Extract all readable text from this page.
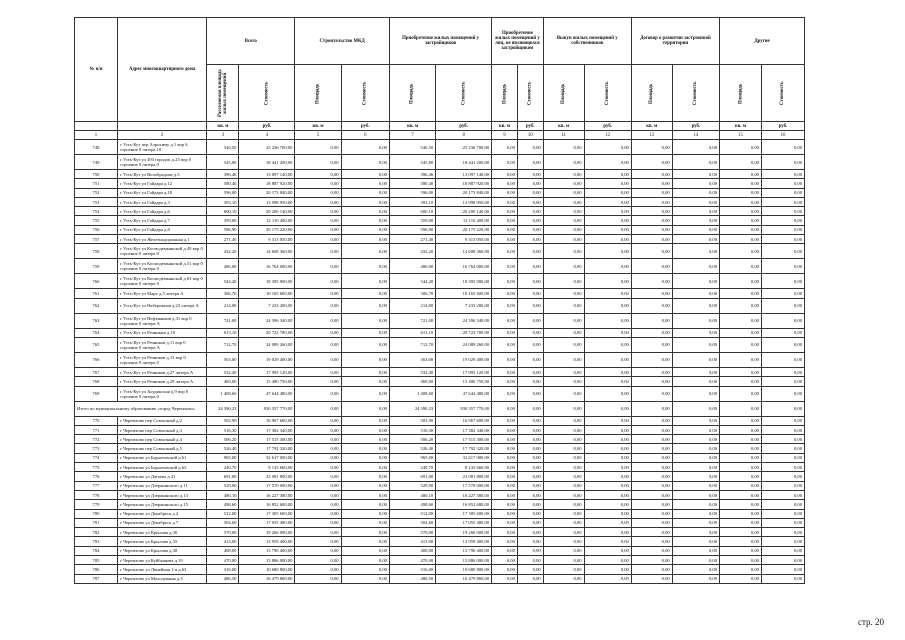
№ п/п	Адрес многоквартирного дома	Всего		Строительство МКД		Приобретение жилых помещений у застройщиков		Приобретение жилых помещений у лиц, не являющихся застройщиком		Выкуп жилых помещений у собственников		Договор о развитии застроенной территории		Другие	
		Расселяемая площадь жилых помещений	Стоимость	Площадь	Стоимость	Площадь	Стоимость	Площадь	Стоимость	Площадь	Стоимость	Площадь	Стоимость	Площадь	Стоимость
		кв. м	руб.	кв. м	руб.	кв. м	руб.	кв. м	руб.	кв. м	руб.	кв. м	руб.	кв. м	руб.
1	2	3	4	5	6	7	8	9	10	11	12	13	14	15	16
748	г Усть-Кут пер Аэрохиму д.1 вор 6 строение 0 литера 10	546,50	25 236 700,00	0,00	0,00	546,50	25 236 700,00	0,00	0,00	0,00	0,00	0,00	0,00	0,00	0,00
749	г Усть-Кут ул 493 городок д.25 вор 0 строение 0 литера 0	545,80	18 441 200,00	0,00	0,00	545,80	18 441 200,00	0,00	0,00	0,00	0,00	0,00	0,00	0,00	0,00
750	г Усть-Кут ул Волобродова д.5	396,46	13 097 140,00	0,00	0,00	396,46	13 097 140,00	0,00	0,00	0,00	0,00	0,00	0,00	0,00	0,00
751	г Усть-Кут ул Гайдара д.12	580,40	18 887 920,00	0,00	0,00	580,40	18 887 920,00	0,00	0,00	0,00	0,00	0,00	0,00	0,00	0,00
752	г Усть-Кут ул Гайдара д.18	596,00	20 173 840,00	0,00	0,00	596,00	20 173 840,00	0,00	0,00	0,00	0,00	0,00	0,00	0,00	0,00
753	г Усть-Кут ул Гайдара д.3	393,10	13 998 950,00	0,00	0,00	393,10	13 998 950,00	0,00	0,00	0,00	0,00	0,00	0,00	0,00	0,00
754	г Усть-Кут ул Гайдара д.6	600,10	20 200 140,00	0,00	0,00	600,10	20 200 140,00	0,00	0,00	0,00	0,00	0,00	0,00	0,00	0,00
755	г Усть-Кут ул Гайдара д.7	359,00	12 110 400,00	0,00	0,00	359,00	12 110 400,00	0,00	0,00	0,00	0,00	0,00	0,00	0,00	0,00
756	г Усть-Кут ул Гайдара д.8	596,90	20 175 220,00	0,00	0,00	596,90	20 175 220,00	0,00	0,00	0,00	0,00	0,00	0,00	0,00	0,00
757	г Усть-Кут ул Железнодорожная д.1	271,40	9 313 050,00	0,00	0,00	271,40	9 313 050,00	0,00	0,00	0,00	0,00	0,00	0,00	0,00	0,00
758	г Усть-Кут ул Космодемьянской д.49 вор 0 строение 0 литера 0	432,20	14 608 360,00	0,00	0,00	432,20	14 608 360,00	0,00	0,00	0,00	0,00	0,00	0,00	0,00	0,00
759	г Усть-Кут ул Космодемьянской д.51 вор 0 строение 0 литера 0	486,00	16 764 000,00	0,00	0,00	486,00	16 764 000,00	0,00	0,00	0,00	0,00	0,00	0,00	0,00	0,00
760	г Усть-Кут ул Космодемьянской д.63 вор 0 строение 0 литера 0	544,20	18 395 900,00	0,00	0,00	544,20	18 395 900,00	0,00	0,00	0,00	0,00	0,00	0,00	0,00	0,00
761	г Усть-Кут ул Марх д.5 литера А	306,70	10 165 600,00	0,00	0,00	306,70	10 165 600,00	0,00	0,00	0,00	0,00	0,00	0,00	0,00	0,00
762	г Усть-Кут ул Набережная д.23 литера А	214,00	7 233 200,00	0,00	0,00	214,00	7 233 200,00	0,00	0,00	0,00	0,00	0,00	0,00	0,00	0,00
763	г Усть-Кут ул Нефтяников д.31 вор 0 строение 0 литера А	721,00	24 396 340,00	0,00	0,00	721,00	24 396 340,00	0,00	0,00	0,00	0,00	0,00	0,00	0,00	0,00
764	г Усть-Кут ул Речникин д.10	613,10	20 722 780,00	0,00	0,00	613,10	20 722 780,00	0,00	0,00	0,00	0,00	0,00	0,00	0,00	0,00
765	г Усть-Кут ул Речников д.11 вор 0 строение 0 литера А	712,70	24 089 260,00	0,00	0,00	712,70	24 089 260,00	0,00	0,00	0,00	0,00	0,00	0,00	0,00	0,00
766	г Усть-Кут ул Речников д.13 вор 0 строение 0 литера 0	563,00	19 029 400,00	0,00	0,00	563,00	19 029 400,00	0,00	0,00	0,00	0,00	0,00	0,00	0,00	0,00
767	г Усть-Кут ул Речников д.27 литера А	532,40	17 995 120,00	0,00	0,00	532,40	17 995 120,00	0,00	0,00	0,00	0,00	0,00	0,00	0,00	0,00
768	г Усть-Кут ул Речников д.29 литера А	469,00	15 480 750,00	0,00	0,00	469,00	15 480 750,00	0,00	0,00	0,00	0,00	0,00	0,00	0,00	0,00
769	г Усть-Кут ул Хоудинская д.9 вор 0 строение 0 литера 0	1 408,60	47 644 480,00	0,00	0,00	1 408,60	47 644 480,00	0,00	0,00	0,00	0,00	0,00	0,00	0,00	0,00
Итого по муниципальному образованию «город Черемхово»		24 390,23	830 357 770,00	0,00	0,00	24 390,23	830 357 770,00	0,00	0,00	0,00	0,00	0,00	0,00	0,00	0,00
770	г Черемхово пер Совхозный д.2	502,90	16 967 600,00	0,00	0,00	502,90	16 967 600,00	0,00	0,00	0,00	0,00	0,00	0,00	0,00	0,00
771	г Черемхово пер Совхозный д.3	516,30	17 382 340,00	0,00	0,00	516,30	17 382 340,00	0,00	0,00	0,00	0,00	0,00	0,00	0,00	0,00
772	г Черемхово пер Совхозный д.4	506,20	17 515 300,00	0,00	0,00	506,20	17 515 300,00	0,00	0,00	0,00	0,00	0,00	0,00	0,00	0,00
773	г Черемхово пер Совхозный д.5	526,40	17 792 320,00	0,00	0,00	526,40	17 792 320,00	0,00	0,00	0,00	0,00	0,00	0,00	0,00	0,00
774	г Черемхово ул Бархатовской д.61	965,00	32 617 000,00	0,00	0,00	965,00	32 617 000,00	0,00	0,00	0,00	0,00	0,00	0,00	0,00	0,00
775	г Черемхово ул Бархатовской д.65	240,70	8 135 660,00	0,00	0,00	240,70	8 135 660,00	0,00	0,00	0,00	0,00	0,00	0,00	0,00	0,00
776	г Черемхово ул Дагаева д.41	691,00	23 081 800,00	0,00	0,00	691,00	23 081 800,00	0,00	0,00	0,00	0,00	0,00	0,00	0,00	0,00
777	г Черемхово ул Дзержинского д.11	529,00	17 570 000,00	0,00	0,00	529,00	17 570 000,00	0,00	0,00	0,00	0,00	0,00	0,00	0,00	0,00
778	г Черемхово ул Дзержинского д.13	480,10	16 227 380,00	0,00	0,00	480,10	16 227 380,00	0,00	0,00	0,00	0,00	0,00	0,00	0,00	0,00
779	г Черемхово ул Дзержинского д.15	498,60	16 852 680,00	0,00	0,00	498,60	16 852 680,00	0,00	0,00	0,00	0,00	0,00	0,00	0,00	0,00
780	г Черемхово ул Декабрьск д.2	512,00	17 305 600,00	0,00	0,00	512,00	17 305 600,00	0,00	0,00	0,00	0,00	0,00	0,00	0,00	0,00
781	г Черемхово ул Декабрьск д.7	504,60	17 055 480,00	0,00	0,00	504,60	17 055 480,00	0,00	0,00	0,00	0,00	0,00	0,00	0,00	0,00
782	г Черемхово ул Крылова д.30	570,00	19 266 000,00	0,00	0,00	570,00	19 266 000,00	0,00	0,00	0,00	0,00	0,00	0,00	0,00	0,00
783	г Черемхово ул Крылова д.35	413,00	13 959 400,00	0,00	0,00	413,00	13 959 400,00	0,00	0,00	0,00	0,00	0,00	0,00	0,00	0,00
784	г Черемхово ул Крылова д.38	408,00	13 790 400,00	0,00	0,00	408,00	13 790 400,00	0,00	0,00	0,00	0,00	0,00	0,00	0,00	0,00
785	г Черемхово ул Куйбышева д.19	470,00	15 886 000,00	0,00	0,00	470,00	15 886 000,00	0,00	0,00	0,00	0,00	0,00	0,00	0,00	0,00
786	г Черемхово ул Линейная 1-я д.63	316,00	10 680 800,00	0,00	0,00	316,00	10 680 800,00	0,00	0,00	0,00	0,00	0,00	0,00	0,00	0,00
787	г Черемхово ул Молодежная д.3	486,50	16 479 860,00	0,00	0,00	486,50	16 479 860,00	0,00	0,00	0,00	0,00	0,00	0,00	0,00	0,00
стр. 20
